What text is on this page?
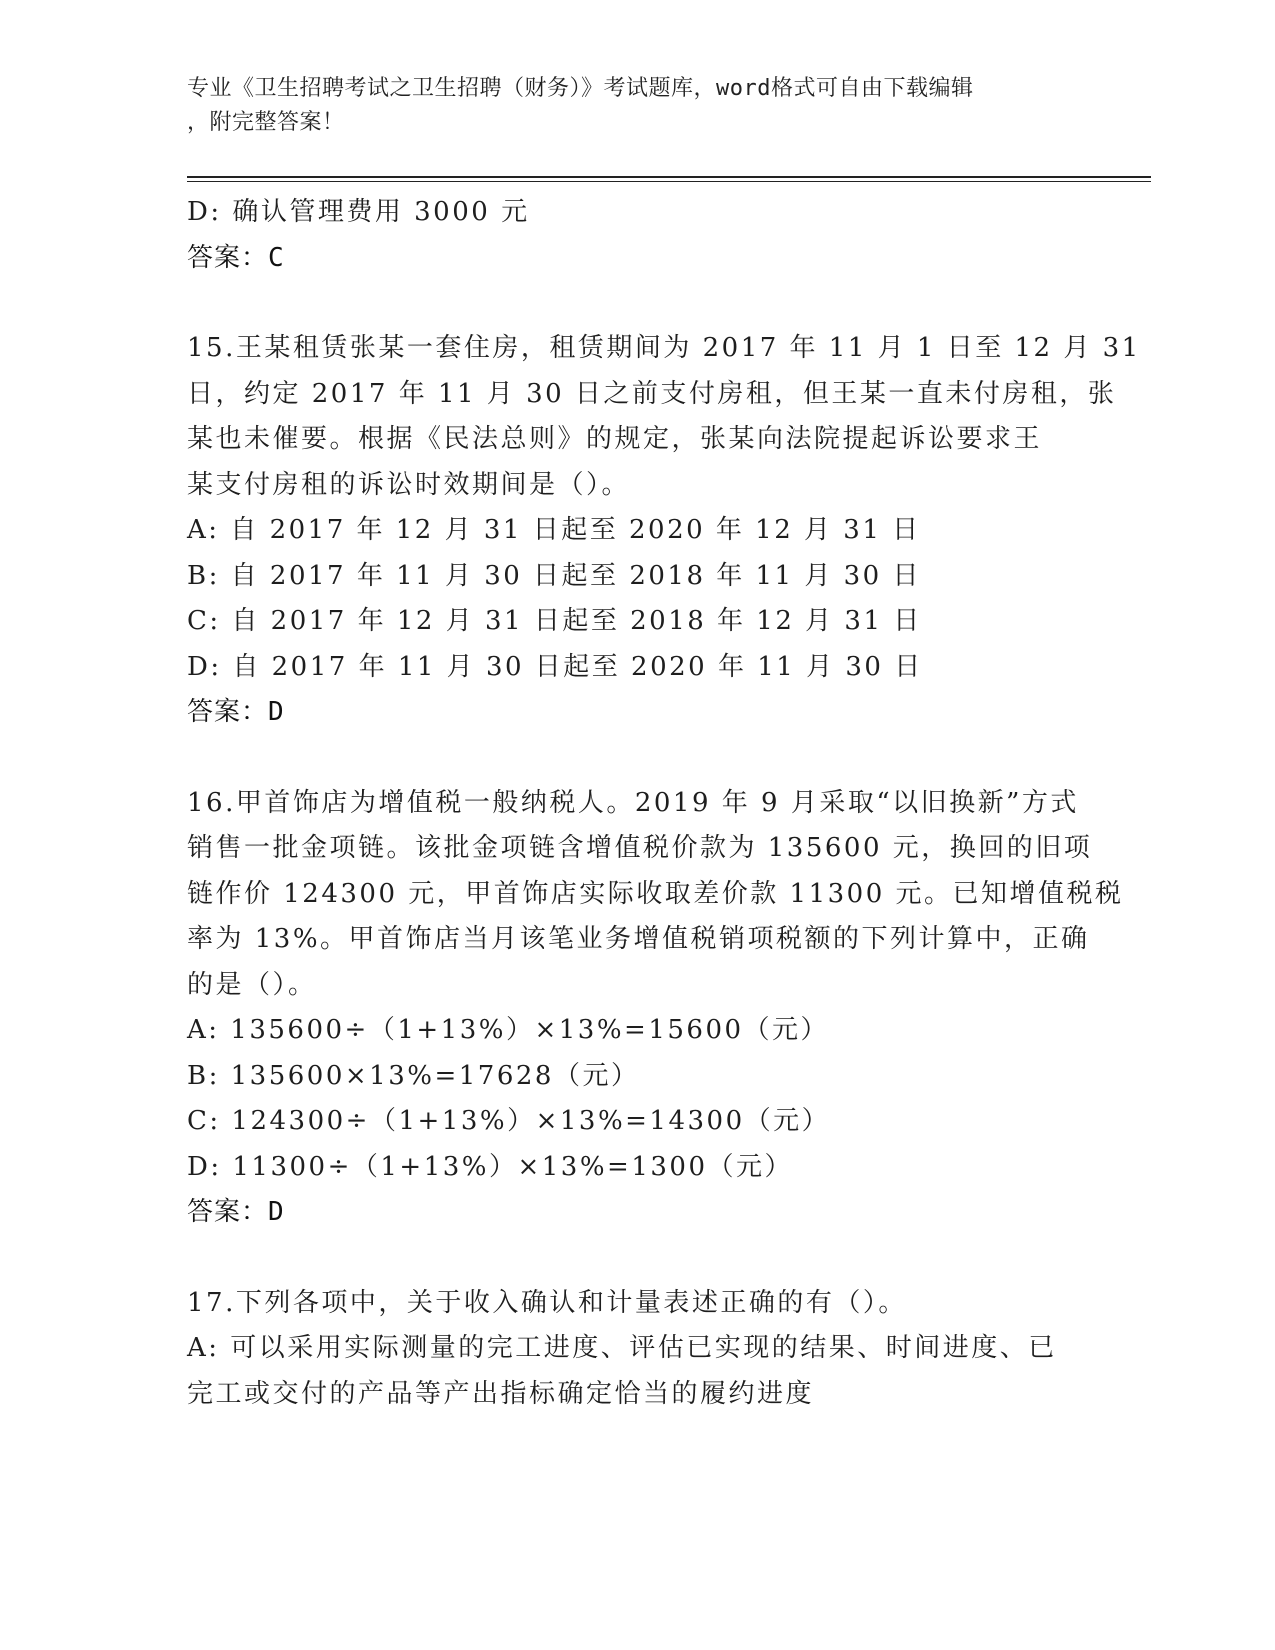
专业《卫生招聘考试之卫生招聘（财务）》考试题库，word格式可自由下载编辑
，附完整答案！
D: 确认管理费用 3000 元
答案：C
15.王某租赁张某一套住房，租赁期间为 2017 年 11 月 1 日至 12 月 31
日，约定 2017 年 11 月 30 日之前支付房租，但王某一直未付房租，张
某也未催要。根据《民法总则》的规定，张某向法院提起诉讼要求王
某支付房租的诉讼时效期间是（）。
A: 自 2017 年 12 月 31 日起至 2020 年 12 月 31 日
B: 自 2017 年 11 月 30 日起至 2018 年 11 月 30 日
C: 自 2017 年 12 月 31 日起至 2018 年 12 月 31 日
D: 自 2017 年 11 月 30 日起至 2020 年 11 月 30 日
答案：D
16.甲首饰店为增值税一般纳税人。2019 年 9 月采取“以旧换新”方式
销售一批金项链。该批金项链含增值税价款为 135600 元，换回的旧项
链作价 124300 元，甲首饰店实际收取差价款 11300 元。已知增值税税
率为 13%。甲首饰店当月该笔业务增值税销项税额的下列计算中，正确
的是（）。
A: 135600÷（1+13%）×13%=15600（元）
B: 135600×13%=17628（元）
C: 124300÷（1+13%）×13%=14300（元）
D: 11300÷（1+13%）×13%=1300（元）
答案：D
17.下列各项中，关于收入确认和计量表述正确的有（）。
A: 可以采用实际测量的完工进度、评估已实现的结果、时间进度、已
完工或交付的产品等产出指标确定恰当的履约进度
